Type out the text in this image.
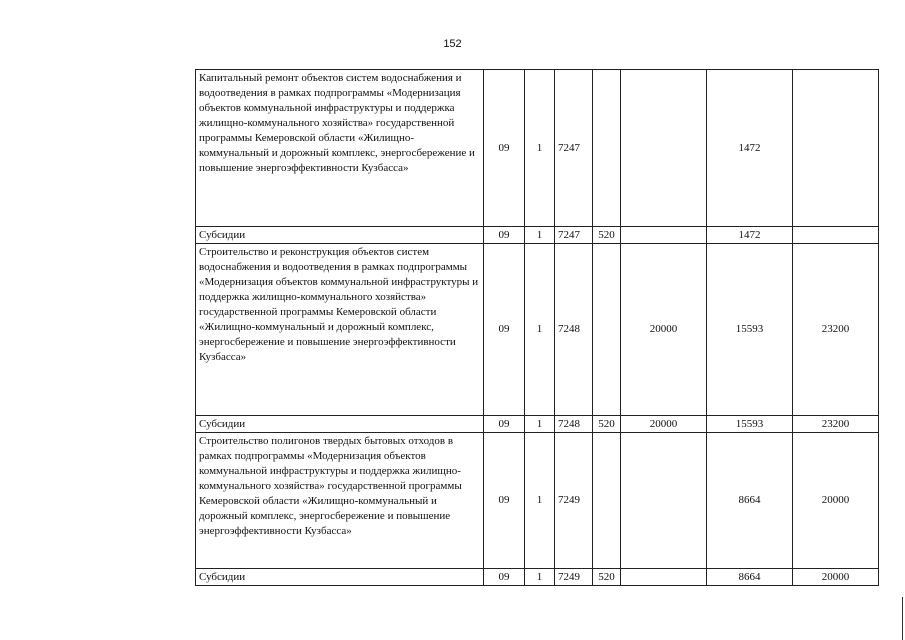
152
Капитальный ремонт объектов систем водоснабжения и водоотведения в рамках подпрограммы «Модернизация объектов коммунальной инфраструктуры и поддержка жилищно-коммунального хозяйства» государственной программы Кемеровской области «Жилищно-коммунальный и дорожный комплекс, энергосбережение и повышение энергоэффективности Кузбасса»	09	1	7247			1472	
Субсидии	09	1	7247	520		1472	
Строительство и реконструкция объектов систем водоснабжения и водоотведения в рамках подпрограммы «Модернизация объектов коммунальной инфраструктуры и поддержка жилищно-коммунального хозяйства» государственной программы Кемеровской области «Жилищно-коммунальный и дорожный комплекс, энергосбережение и повышение энергоэффективности Кузбасса»	09	1	7248		20000	15593	23200
Субсидии	09	1	7248	520	20000	15593	23200
Строительство полигонов твердых бытовых отходов в рамках подпрограммы «Модернизация объектов коммунальной инфраструктуры и поддержка жилищно-коммунального хозяйства» государственной программы Кемеровской области «Жилищно-коммунальный и дорожный комплекс, энергосбережение и повышение энергоэффективности Кузбасса»	09	1	7249			8664	20000
Субсидии	09	1	7249	520		8664	20000
